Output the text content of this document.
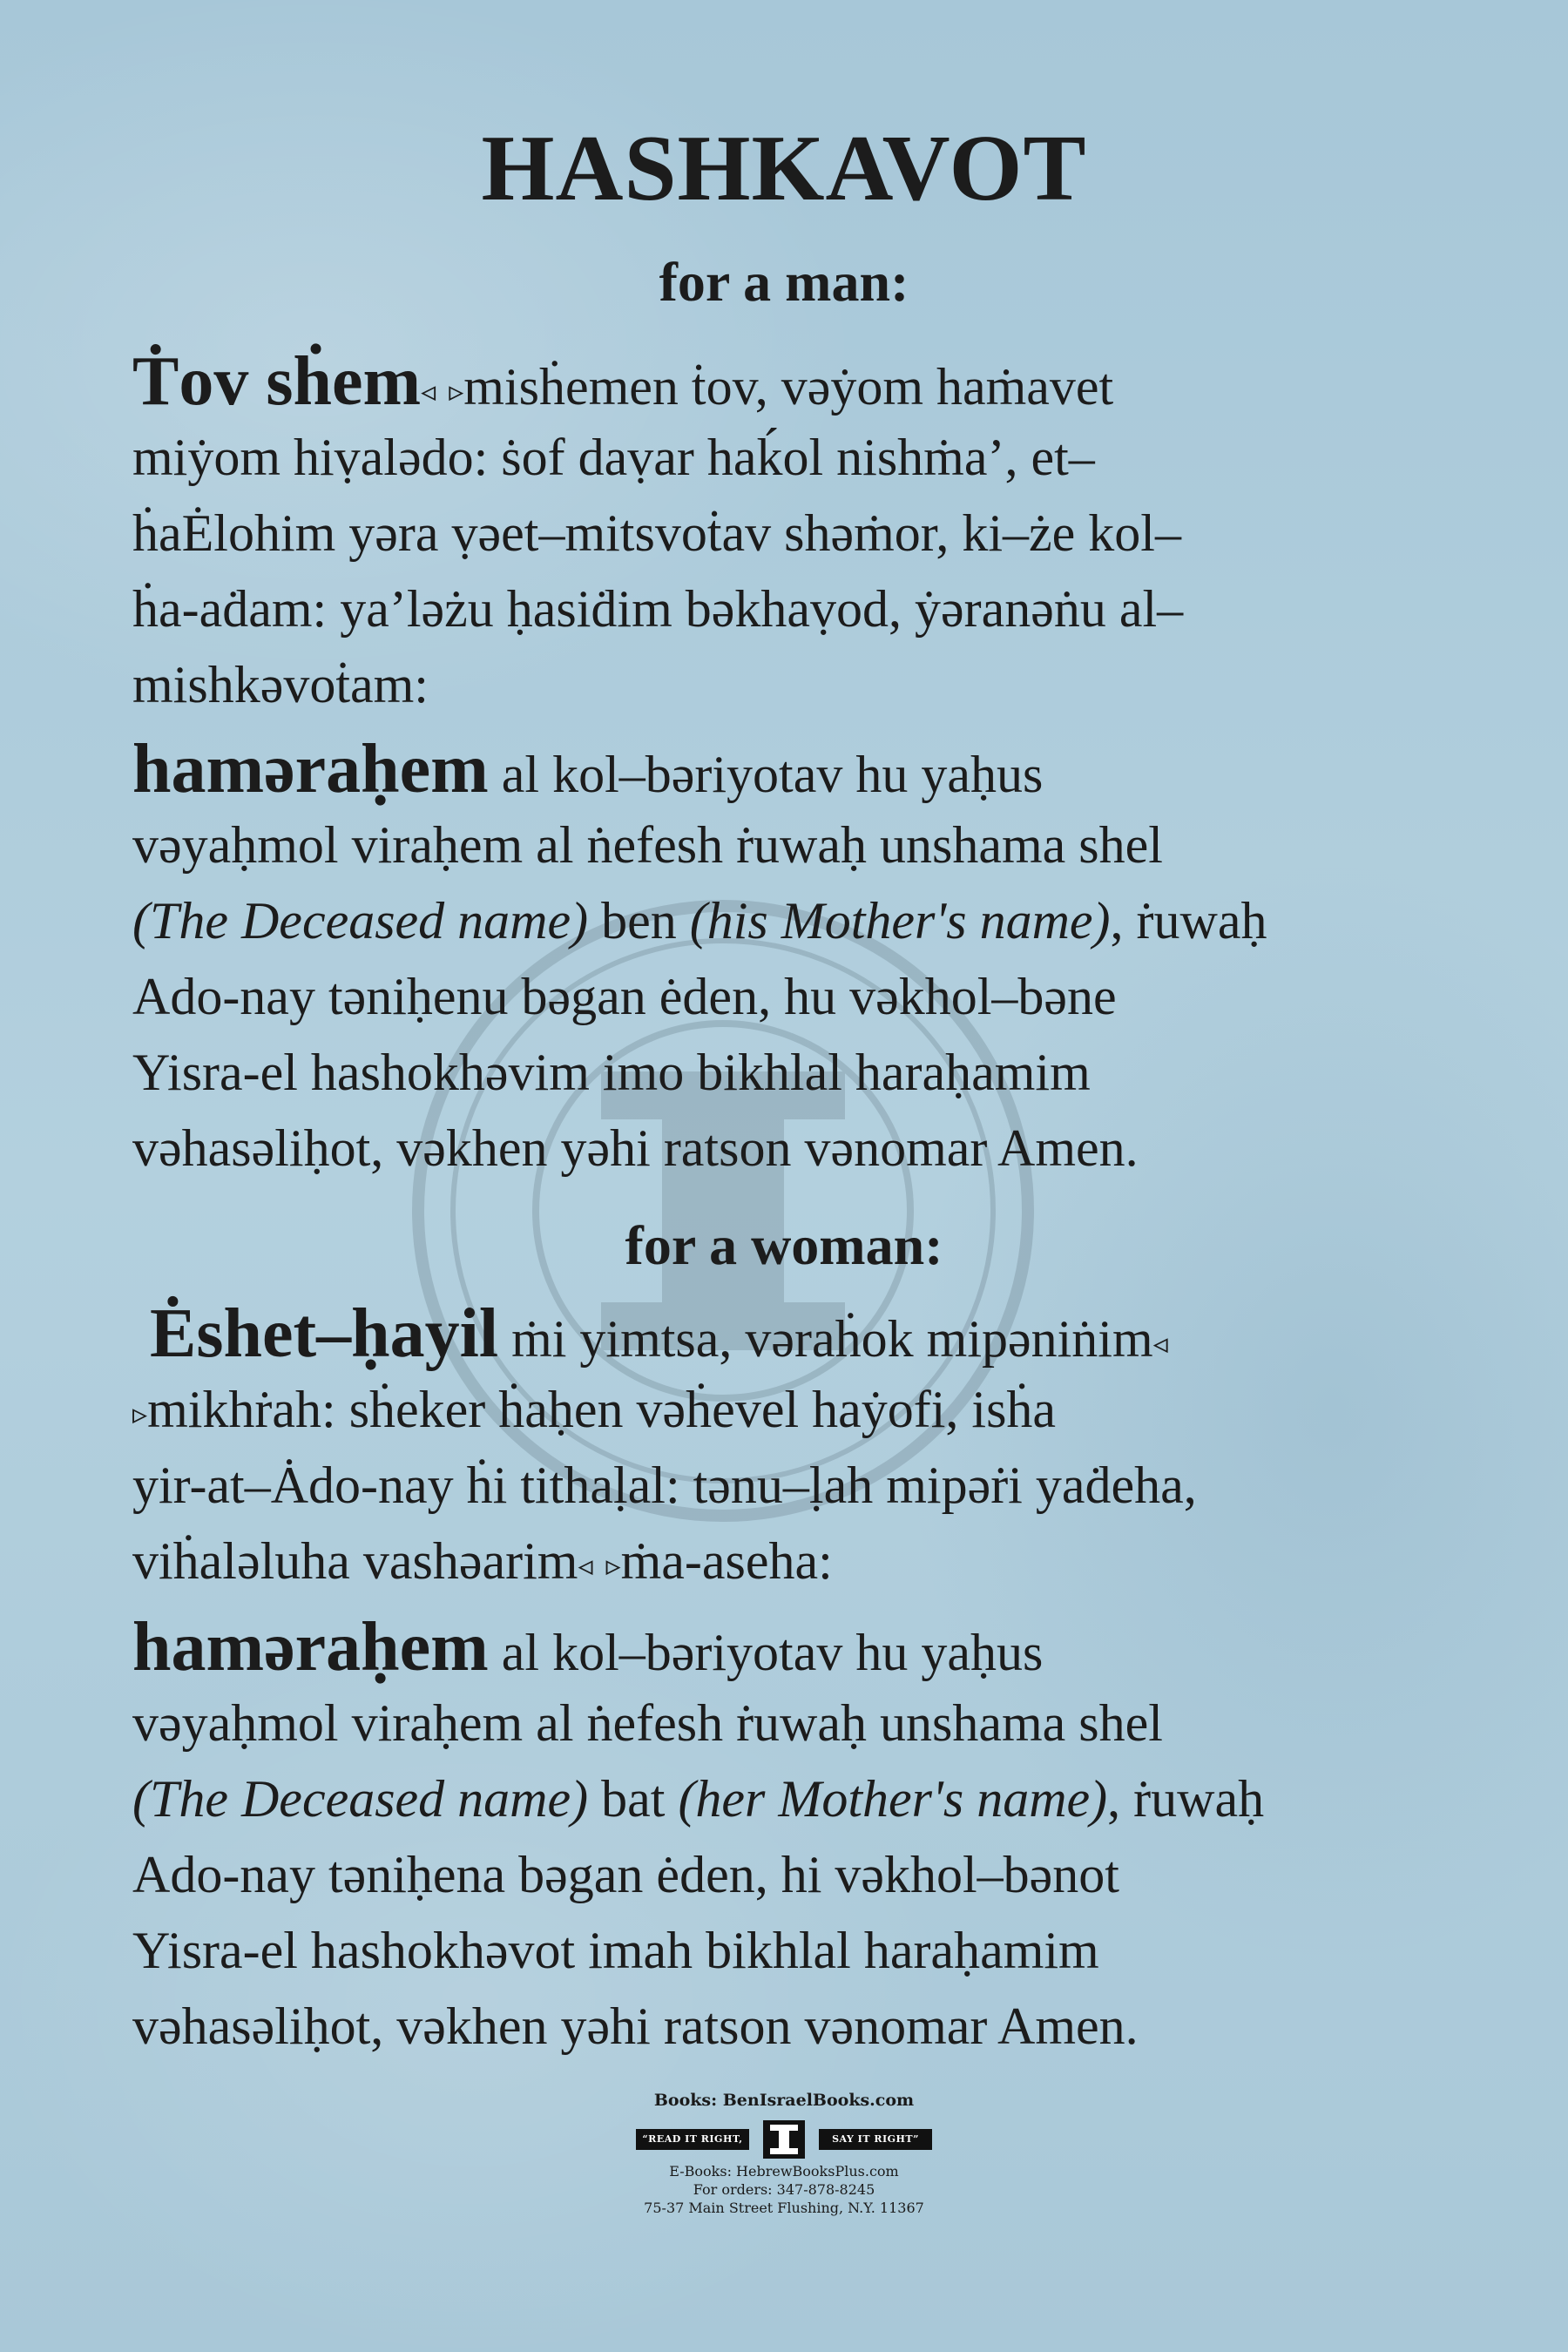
HASHKAVOT
for a man:
Ṫov sḣem◃ ▹misḣemen ṫov, vəẏom haṁavet
miẏom hiṿalədo: ṡof daṿar haḱol nishṁa’, et–
ḣaĖlohim yəra ṿəet–mitsvoṫav shəṁor, ki–że kol–
ḣa-aḋam: ya’ləżu ḥasiḋim bəkhaṿod, ẏəranəṅu al–
mishkəvoṫam:
haməraḥem al kol–bəriyotav hu yaḥus
vəyaḥmol viraḥem al ṅefesh ṙuwaḥ unshama shel
(The Deceased name) ben (his Mother's name), ṙuwaḥ
Ado-nay təniḥenu bəgan ėden, hu vəkhol–bəne
Yisra-el hashokhəvim imo bikhlal haraḥamim
vəhasəliḥot, vəkhen yəhi ratson vənomar Amen.
for a woman:
Ėshet–ḥayil ṁi yimtsa, vəraḣok mipəniṅim◃
▹mikhṙah: sḣeker ḣaḥen vəḣevel haẏofi, isḣa
yir-at–Ȧdo-nay ḣi tithaḷal: tənu–ḷah mipəṙi yaḋeha,
viḣaləluha vashəarim◃ ▹ṁa-aseha:
haməraḥem al kol–bəriyotav hu yaḥus
vəyaḥmol viraḥem al ṅefesh ṙuwaḥ unshama shel
(The Deceased name) bat (her Mother's name), ṙuwaḥ
Ado-nay təniḥena bəgan ėden, hi vəkhol–bənot
Yisra-el hashokhəvot imah bikhlal haraḥamim
vəhasəliḥot, vəkhen yəhi ratson vənomar Amen.
Books: BenIsraelBooks.com
“READ IT RIGHT,	SAY IT RIGHT”
E-Books: HebrewBooksPlus.com
For orders: 347-878-8245
75-37 Main Street Flushing, N.Y. 11367
